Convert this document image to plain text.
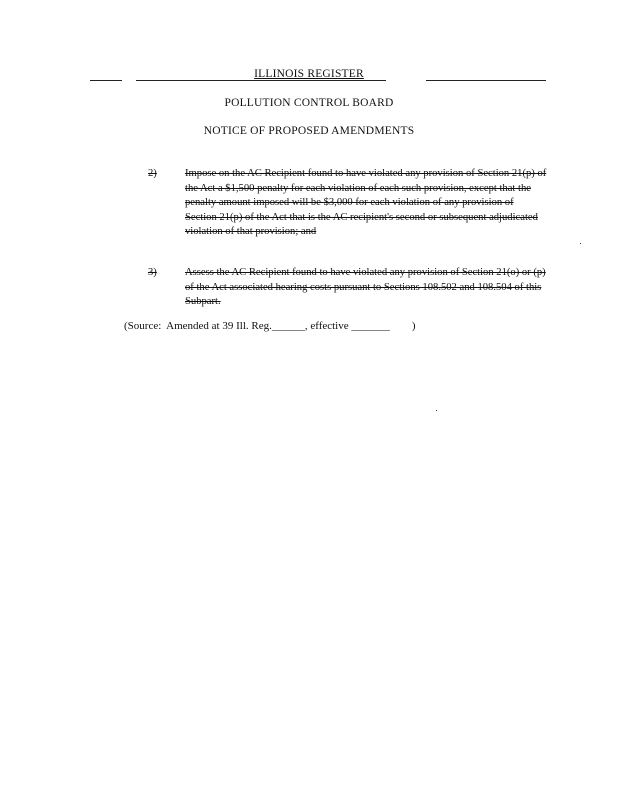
ILLINOIS REGISTER
POLLUTION CONTROL BOARD
NOTICE OF PROPOSED AMENDMENTS
2)	Impose on the AC Recipient found to have violated any provision of Section 21(p) of the Act a $1,500 penalty for each violation of each such provision, except that the penalty amount imposed will be $3,000 for each violation of any provision of Section 21(p) of the Act that is the AC recipient's second or subsequent adjudicated violation of that provision; and
3)	Assess the AC Recipient found to have violated any provision of Section 21(o) or (p) of the Act associated hearing costs pursuant to Sections 108.502 and 108.504 of this Subpart.
(Source:  Amended at 39 Ill. Reg.______, effective _______        )
